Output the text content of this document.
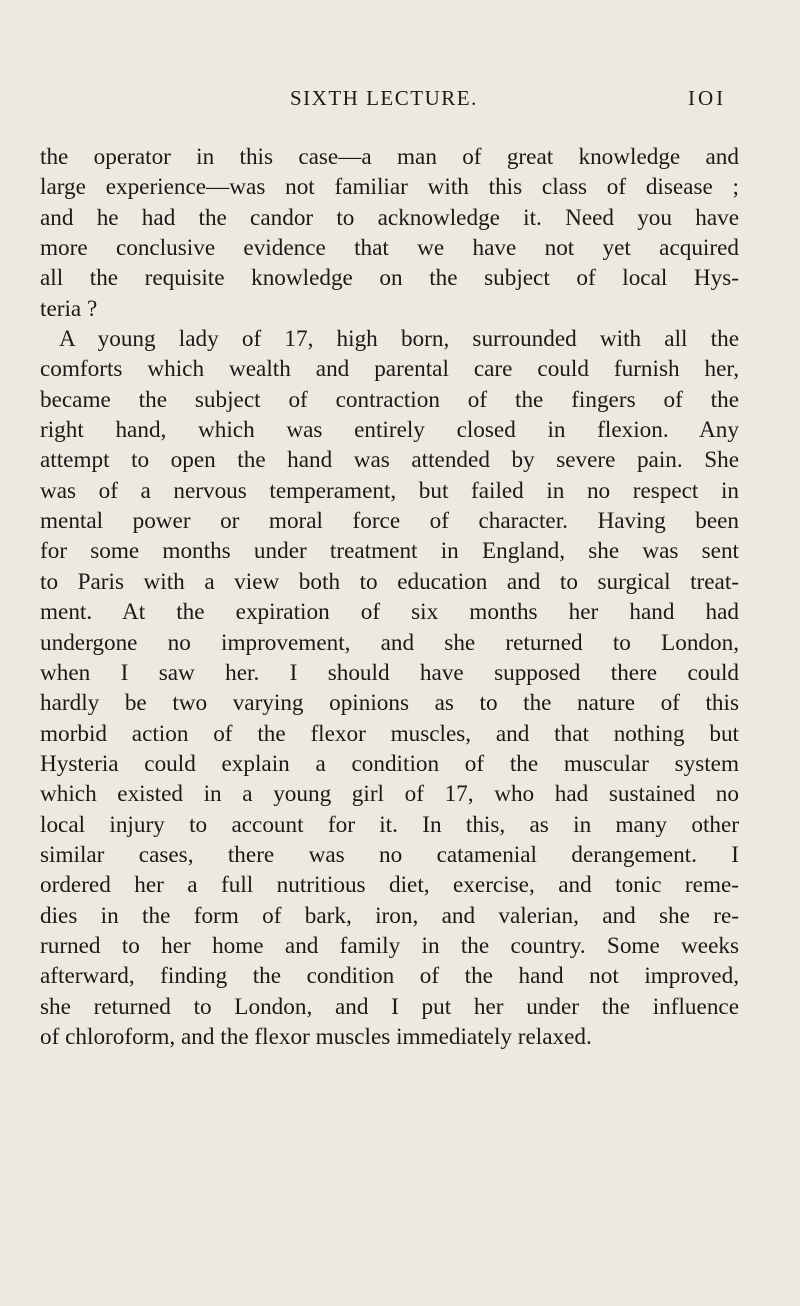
SIXTH LECTURE.	IOI
the operator in this case—a man of great knowledge and
large experience—was not familiar with this class of disease ;
and he had the candor to acknowledge it. Need you have
more conclusive evidence that we have not yet acquired
all the requisite knowledge on the subject of local Hys-
teria ?
A young lady of 17, high born, surrounded with all the
comforts which wealth and parental care could furnish her,
became the subject of contraction of the fingers of the
right hand, which was entirely closed in flexion. Any
attempt to open the hand was attended by severe pain. She
was of a nervous temperament, but failed in no respect in
mental power or moral force of character. Having been
for some months under treatment in England, she was sent
to Paris with a view both to education and to surgical treat-
ment. At the expiration of six months her hand had
undergone no improvement, and she returned to London,
when I saw her. I should have supposed there could
hardly be two varying opinions as to the nature of this
morbid action of the flexor muscles, and that nothing but
Hysteria could explain a condition of the muscular system
which existed in a young girl of 17, who had sustained no
local injury to account for it. In this, as in many other
similar cases, there was no catamenial derangement. I
ordered her a full nutritious diet, exercise, and tonic reme-
dies in the form of bark, iron, and valerian, and she re-
rurned to her home and family in the country. Some weeks
afterward, finding the condition of the hand not improved,
she returned to London, and I put her under the influence
of chloroform, and the flexor muscles immediately relaxed.
